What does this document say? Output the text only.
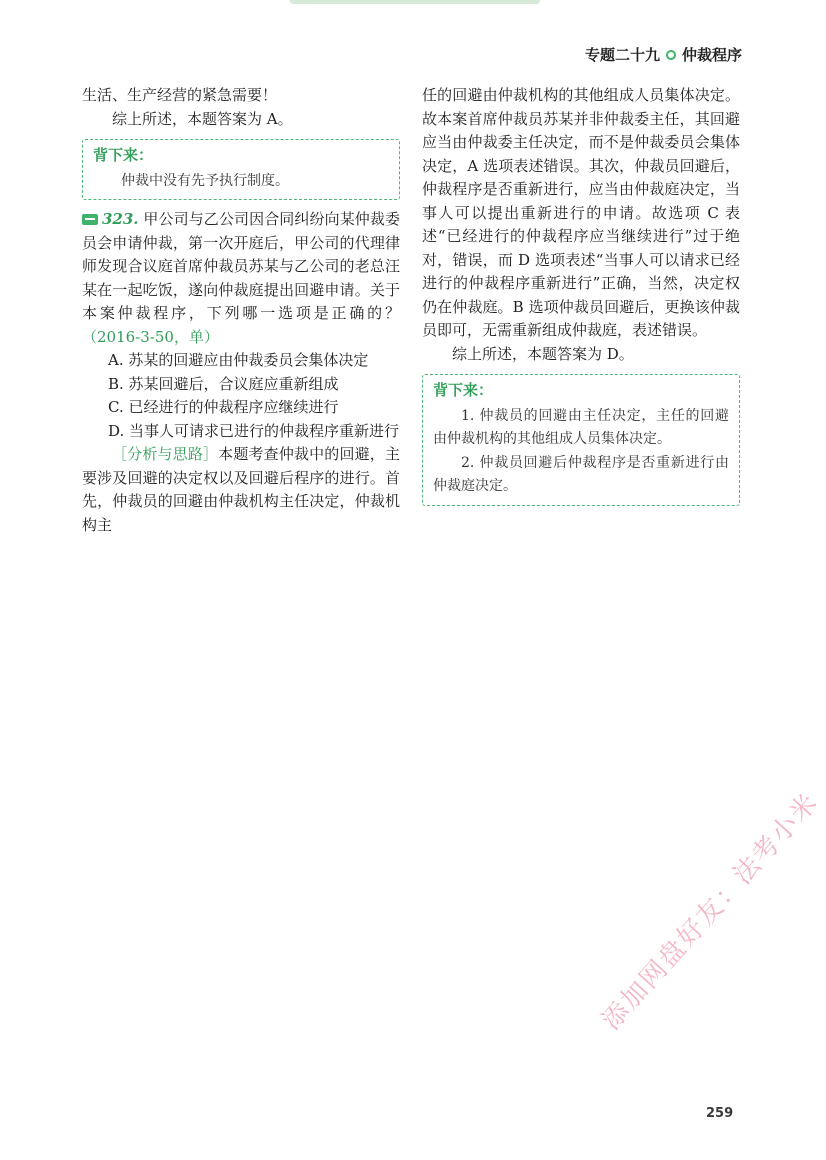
专题二十九 仲裁程序

生活、生产经营的紧急需要！

综上所述，本题答案为 A。

背下来：

仲裁中没有先予执行制度。

323. 甲公司与乙公司因合同纠纷向某仲裁委员会申请仲裁，第一次开庭后，甲公司的代理律师发现合议庭首席仲裁员苏某与乙公司的老总汪某在一起吃饭，遂向仲裁庭提出回避申请。关于本案仲裁程序，下列哪一选项是正确的？（2016-3-50，单）

A. 苏某的回避应由仲裁委员会集体决定

B. 苏某回避后，合议庭应重新组成

C. 已经进行的仲裁程序应继续进行

D. 当事人可请求已进行的仲裁程序重新进行

［分析与思路］本题考查仲裁中的回避，主要涉及回避的决定权以及回避后程序的进行。首先，仲裁员的回避由仲裁机构主任决定，仲裁机构主

任的回避由仲裁机构的其他组成人员集体决定。故本案首席仲裁员苏某并非仲裁委主任，其回避应当由仲裁委主任决定，而不是仲裁委员会集体决定，A 选项表述错误。其次，仲裁员回避后，仲裁程序是否重新进行，应当由仲裁庭决定，当事人可以提出重新进行的申请。故选项 C 表述“已经进行的仲裁程序应当继续进行”过于绝对，错误，而 D 选项表述“当事人可以请求已经进行的仲裁程序重新进行”正确，当然，决定权仍在仲裁庭。B 选项仲裁员回避后，更换该仲裁员即可，无需重新组成仲裁庭，表述错误。

综上所述，本题答案为 D。

背下来：

1. 仲裁员的回避由主任决定，主任的回避由仲裁机构的其他组成人员集体决定。

2. 仲裁员回避后仲裁程序是否重新进行由仲裁庭决定。

259
添加网盘好友：法考小米
